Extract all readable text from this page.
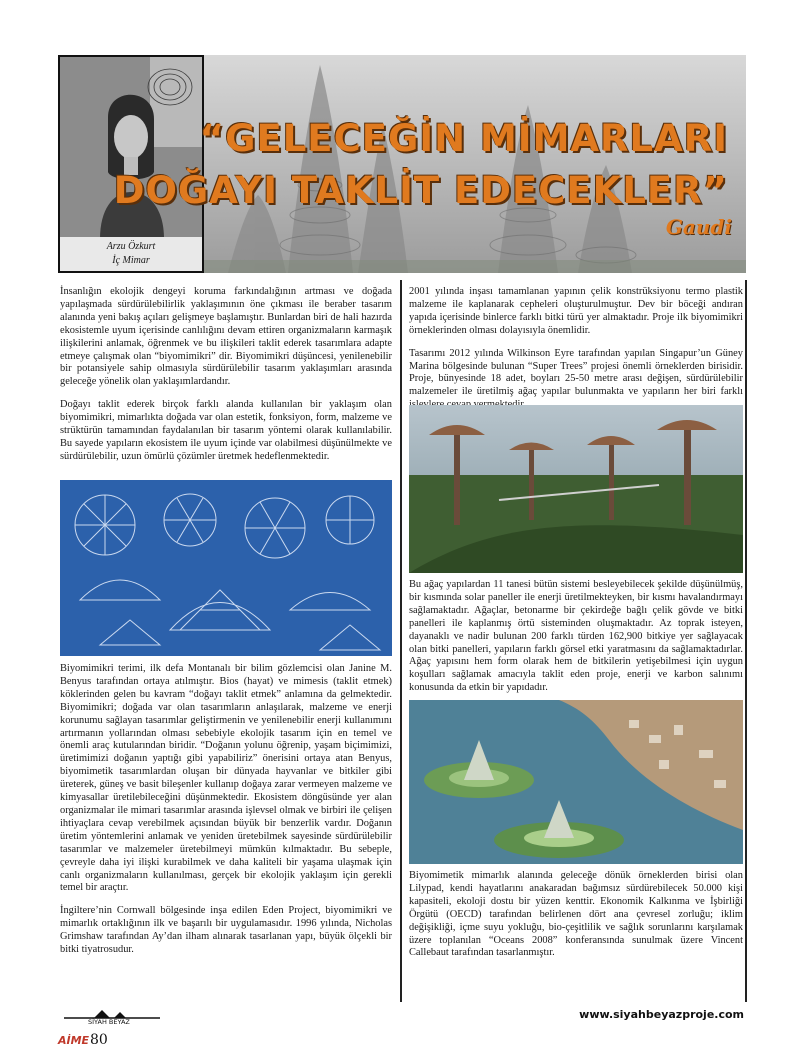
Arzu Özkurt
İç Mimar
“GELECEĞİN MİMARLARI
DOĞAYI TAKLİT EDECEKLER”
Gaudi

İnsanlığın ekolojik dengeyi koruma farkındalığının artması ve doğada yapılaşmada sürdürülebilirlik yaklaşımının öne çıkması ile beraber tasarım alanında yeni bakış açıları gelişmeye başlamıştır. Bunlardan biri de hali hazırda ekosistemle uyum içerisinde canlılığını devam ettiren organizmaların karmaşık ilişkilerini anlamak, öğrenmek ve bu ilişkileri taklit ederek tasarımlara adapte etmeye çalışmak olan “biyomimikri” dir. Biyomimikri düşüncesi, yenilenebilir bir potansiyele sahip olmasıyla sürdürülebilir tasarım yaklaşımları arasında geleceğe yönelik olan yaklaşımlardandır.

Doğayı taklit ederek birçok farklı alanda kullanılan bir yaklaşım olan biyomimikri, mimarlıkta doğada var olan estetik, fonksiyon, form, malzeme ve strüktürün tamamından faydalanılan bir tasarım yöntemi olarak kullanılabilir. Bu sayede yapıların ekosistem ile uyum içinde var olabilmesi düşünülmekte ve sürdürülebilir, uzun ömürlü çözümler üretmek hedeflenmektedir.

Biyomimikri terimi, ilk defa Montanalı bir bilim gözlemcisi olan Janine M. Benyus tarafından ortaya atılmıştır. Bios (hayat) ve mimesis (taklit etmek) köklerinden gelen bu kavram “doğayı taklit etmek” anlamına da gelmektedir. Biyomimikri; doğada var olan tasarımların anlaşılarak, malzeme ve enerji korunumu sağlayan tasarımlar geliştirmenin ve yenilenebilir enerji kullanımını artırmanın yollarından olması sebebiyle ekolojik tasarım için en temel ve önemli araç kutularından biridir. “Doğanın yolunu öğrenip, yaşam biçimimizi, üretimimizi doğanın yaptığı gibi yapabiliriz” önerisini ortaya atan Benyus, biyomimetik tasarımlardan oluşan bir dünyada hayvanlar ve bitkiler gibi üreterek, güneş ve basit bileşenler kullanıp doğaya zarar vermeyen malzeme ve kimyasallar üretilebileceğini düşünmektedir. Ekosistem döngüsünde yer alan organizmalar ile mimari tasarımlar arasında işlevsel olmak ve birbiri ile çelişen ihtiyaçlara cevap verebilmek açısından büyük bir benzerlik vardır. Doğanın üretim yöntemlerini anlamak ve yeniden üretebilmek sayesinde sürdürülebilir tasarımlar ve malzemeler üretebilmeyi mümkün kılmaktadır. Bu sebeple, çevreyle daha iyi ilişki kurabilmek ve daha kaliteli bir yaşama ulaşmak için canlı organizmaların kullanılması, gerçek bir ekolojik yaklaşım için gerekli temel bir araçtır.

İngiltere’nin Cornwall bölgesinde inşa edilen Eden Project, biyomimikri ve mimarlık ortaklığının ilk ve başarılı bir uygulamasıdır. 1996 yılında, Nicholas Grimshaw tarafından Ay’dan ilham alınarak tasarlanan yapı, büyük ölçekli bir bitki tiyatrosudur.

2001 yılında inşası tamamlanan yapının çelik konstrüksiyonu termo plastik malzeme ile kaplanarak cepheleri oluşturulmuştur. Dev bir böceği andıran yapıda içerisinde binlerce farklı bitki türü yer almaktadır. Proje ilk biyomimikri örneklerinden olması dolayısıyla önemlidir.

Tasarımı 2012 yılında Wilkinson Eyre tarafından yapılan Singapur’un Güney Marina bölgesinde bulunan “Super Trees” projesi önemli örneklerden birisidir. Proje, bünyesinde 18 adet, boyları 25-50 metre arası değişen, sürdürülebilir malzemeler ile üretilmiş ağaç yapılar bulunmakta ve yapıların her biri farklı

Bu ağaç yapılardan 11 tanesi bütün sistemi besleyebilecek şekilde düşünülmüş, bir kısmında solar paneller ile enerji üretilmekteyken, bir kısmı havalandırmayı sağlamaktadır. Ağaçlar, betonarme bir çekirdeğe bağlı çelik gövde ve bitki panelleri ile kaplanmış örtü sisteminden oluşmaktadır. Az toprak isteyen, dayanaklı ve nadir bulunan 200 farklı türden 162,900 bitkiye yer sağlayacak olan bitki panelleri, yapıların farklı görsel etki yaratmasını da sağlamaktadırlar. Ağaç yapısını hem form olarak hem de bitkilerin yetişebilmesi için uygun koşulları sağlamak amacıyla taklit eden proje, enerji ve karbon salınımı konusunda da etkin bir yapıdadır.

Biyomimetik mimarlık alanında geleceğe dönük örneklerden birisi olan Lilypad, kendi hayatlarını anakaradan bağımsız sürdürebilecek 50.000 kişi kapasiteli, ekoloji dostu bir yüzen kenttir. Ekonomik Kalkınma ve İşbirliği Örgütü (OECD) tarafından belirlenen dört ana çevresel zorluğu; iklim değişikliği, içme suyu yokluğu, bio-çeşitlilik ve sağlık sorunlarını karşılamak üzere toplanılan “Oceans 2008” konferansında sunulmak üzere Vincent Callebaut tarafından tasarlanmıştır.

SİYAH BEYAZ
AİME 80
www.siyahbeyazproje.com
